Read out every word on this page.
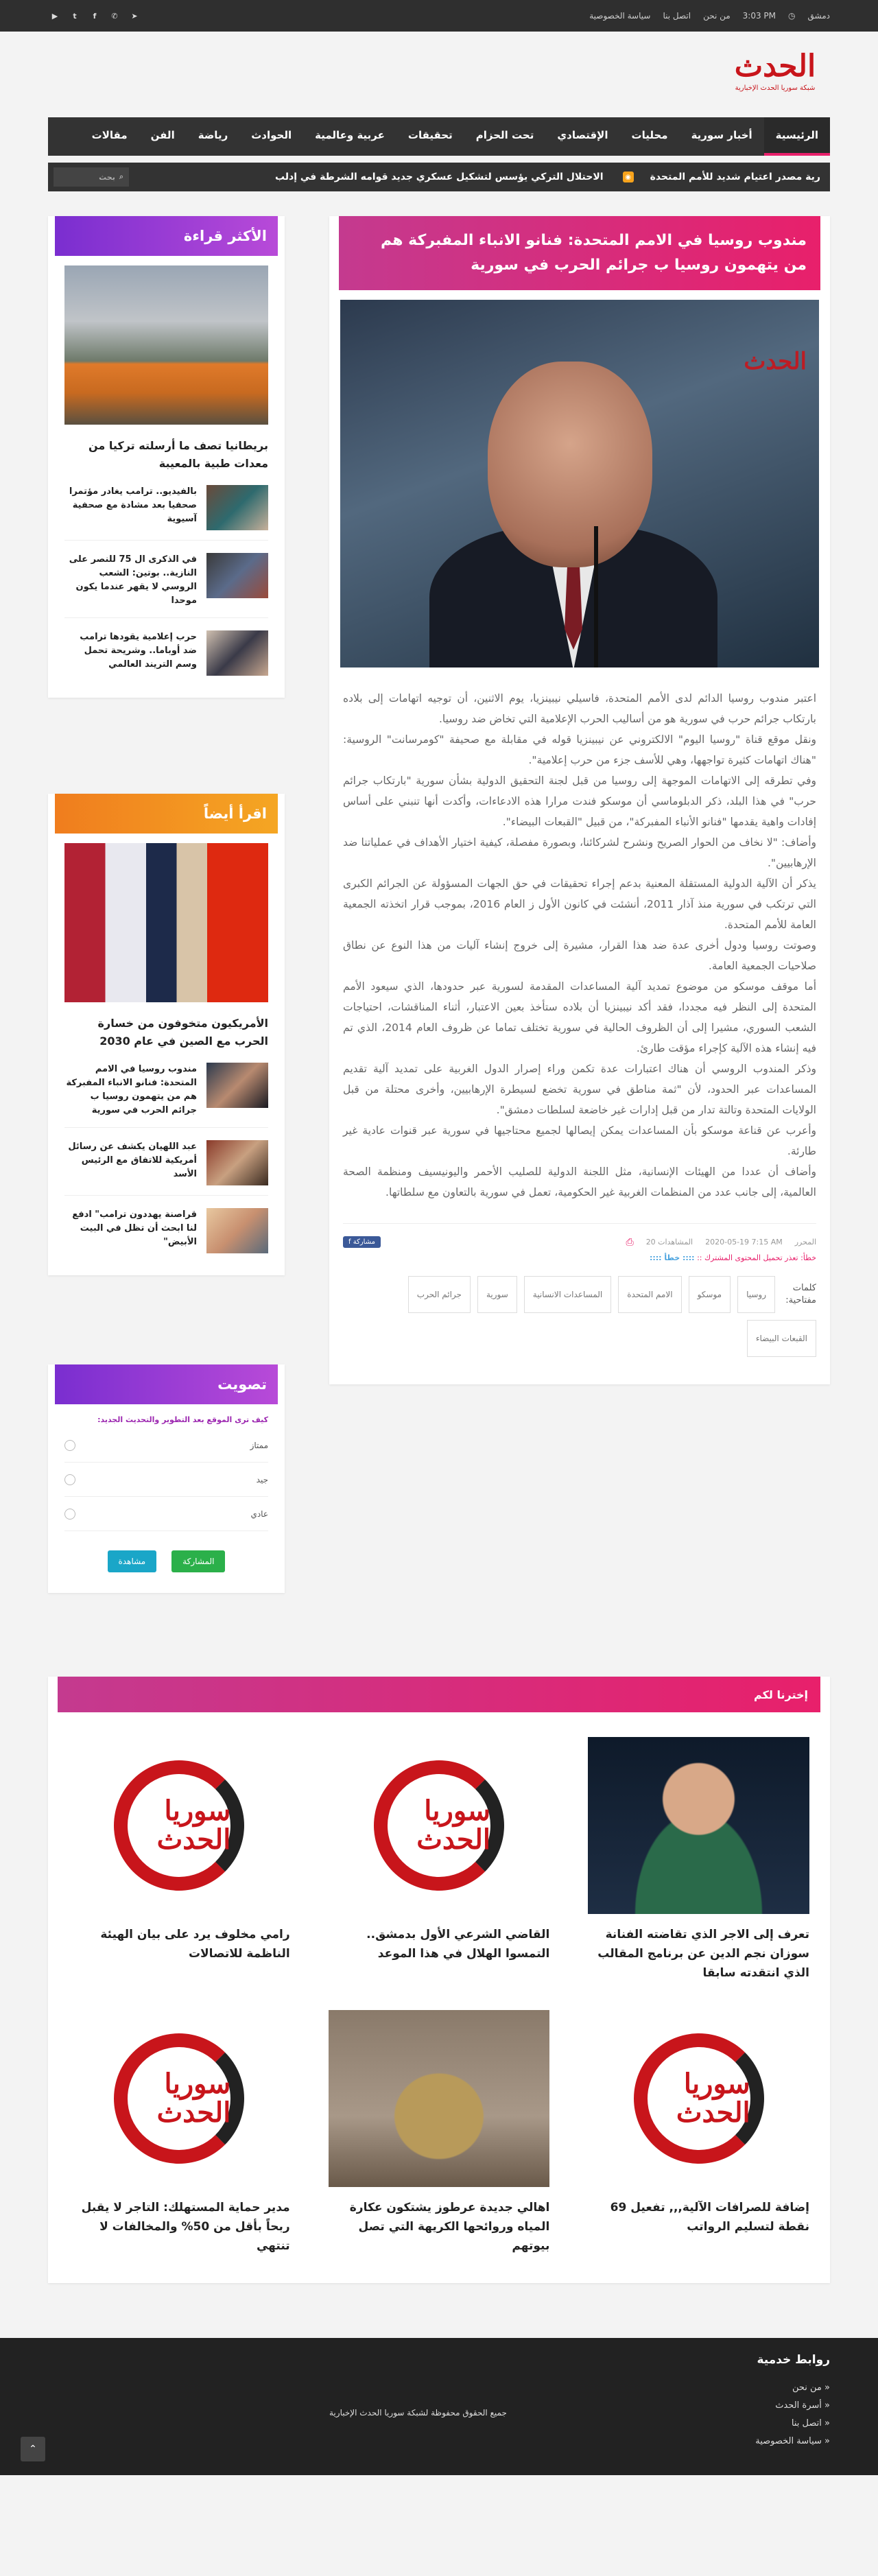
دمشق
◷
3:03 PM
من نحن
اتصل بنا
سياسة الخصوصية
▶	t	f	✆	➤
الحدث
شبكة سوريا الحدث الإخبارية
الرئيسية
أخبار سورية
محليات
الإقتصادي
تحت الحزام
تحقيقات
عربية وعالمية
الحوادث
رياضة
الفن
مقالات
رية مصدر اعتيام شديد للأمم المتحدة
◉
الاحتلال التركي يؤسس لتشكيل عسكري جديد قوامه الشرطة في إدلب
⌕
بحث
مندوب روسيا في الامم المتحدة: فنانو الانباء المفبركة هم من يتهمون روسيا ب جرائم الحرب في سورية
الحدث

اعتبر مندوب روسيا الدائم لدى الأمم المتحدة، فاسيلي نيبينزيا، يوم الاثنين، أن توجيه اتهامات إلى بلاده بارتكاب جرائم حرب في سورية هو من أساليب الحرب الإعلامية التي تخاض ضد روسيا.

ونقل موقع قناة "روسيا اليوم" الالكتروني عن نيبينزيا قوله في مقابلة مع صحيفة "كومرسانت" الروسية: "هناك اتهامات كثيرة تواجهها، وهي للأسف جزء من حرب إعلامية".

وفي تطرقه إلى الاتهامات الموجهة إلى روسيا من قبل لجنة التحقيق الدولية بشأن سورية "بارتكاب جرائم حرب" في هذا البلد، ذكر الدبلوماسي أن موسكو فندت مرارا هذه الادعاءات، وأكدت أنها تنبني على أساس إفادات واهية يقدمها "فنانو الأنباء المفبركة"، من قبيل "القبعات البيضاء".

وأضاف: "لا نخاف من الحوار الصريح ونشرح لشركائنا، وبصورة مفصلة، كيفية اختيار الأهداف في عملياتنا ضد الإرهابيين".

يذكر أن الآلية الدولية المستقلة المعنية بدعم إجراء تحقيقات في حق الجهات المسؤولة عن الجرائم الكبرى التي ترتكب في سورية منذ آذار 2011، أنشئت في كانون الأول ز العام 2016، بموجب قرار اتخذته الجمعية العامة للأمم المتحدة.

وصوتت روسيا ودول أخرى عدة ضد هذا القرار، مشيرة إلى خروج إنشاء آليات من هذا النوع عن نطاق صلاحيات الجمعية العامة.

أما موقف موسكو من موضوع تمديد آلية المساعدات المقدمة لسورية عبر حدودها، الذي سيعود الأمم المتحدة إلى النظر فيه مجددا، فقد أكد نيبينزيا أن بلاده ستأخذ بعين الاعتبار، أثناء المناقشات، احتياجات الشعب السوري، مشيرا إلى أن الظروف الحالية في سورية تختلف تماما عن ظروف العام 2014، الذي تم فيه إنشاء هذه الآلية كإجراء مؤقت طارئ.

وذكر المندوب الروسي أن هناك اعتبارات عدة تكمن وراء إصرار الدول الغربية على تمديد آلية تقديم المساعدات عبر الحدود، لأن "ثمة مناطق في سورية تخضع لسيطرة الإرهابيين، وأخرى محتلة من قبل الولايات المتحدة وتالتة تدار من قبل إدارات غير خاضعة لسلطات دمشق".

وأعرب عن قناعة موسكو بأن المساعدات يمكن إيصالها لجميع محتاجيها في سورية عبر قنوات عادية غير طارئة.

وأضاف أن عددا من الهيئات الإنسانية، مثل اللجنة الدولية للصليب الأحمر واليونيسيف ومنظمة الصحة العالمية، إلى جانب عدد من المنظمات الغربية غير الحكومية، تعمل في سورية بالتعاون مع سلطاتها.

المحرر
2020-05-19 7:15 AM
المشاهدات 20
⎙
مشاركة f
خطأ: تعذر تحميل المحتوى المشترك :: :::: خطأ ::::
كلمات مفتاحية:
روسيا
موسكو
الامم المتحدة
المساعدات الانسانية
سورية
جرائم الحرب
القبعات البيضاء
الأكثر قراءة
بريطانيا تصف ما أرسلته تركيا من معدات طبية بالمعيبة
بالفيديو.. ترامب يغادر مؤتمرا صحفيا بعد مشادة مع صحفية آسيوية
في الذكرى ال 75 للنصر على النازية.. بوتين: الشعب الروسي لا يقهر عندما يكون موحدا
حرب إعلامية يقودها ترامب ضد أوباما.. وشريحة تحمل وسم التريند العالمي
اقرأ أيضاً
الأمريكيون متخوفون من خسارة الحرب مع الصين في عام 2030
مندوب روسيا في الامم المتحدة: فنانو الانباء المفبركة هم من يتهمون روسيا ب جرائم الحرب في سورية
عبد اللهيان يكشف عن رسائل أمريكية للاتفاق مع الرئيس الأسد
قراصنة يهددون ترامب" ادفع لنا ابحث أن تظل في البيت الأبيض"
تصويت
كيف ترى الموقع بعد التطوير والتحديث الجديد:
ممتاز
جيد
عادي
المشاركة
مشاهدة
إخترنا لكم
تعرف إلى الاجر الذي تقاضته الفنانة سوزان نجم الدين عن برنامج المقالب الذي انتقدته سابقا
سوريا الحدث
القاضي الشرعي الأول بدمشق.. التمسوا الهلال في هذا الموعد
سوريا الحدث
رامي مخلوف يرد على بيان الهيئة الناظمة للاتصالات
سوريا الحدث
إضافة للصرافات الآلية,,, تفعيل 69 نقطة لتسليم الرواتب
اهالي جديدة عرطوز يشتكون عكارة المياه وروائحها الكريهة التي تصل بيوتهم
سوريا الحدث
مدير حماية المستهلك: التاجر لا يقبل ربحاً بأقل من 50% والمخالفات لا تنتهي
روابط خدمية
« من نحن
« أسرة الحدث
« اتصل بنا
« سياسة الخصوصية
جميع الحقوق محفوظة لشبكة سوريا الحدث الإخبارية
⌃
